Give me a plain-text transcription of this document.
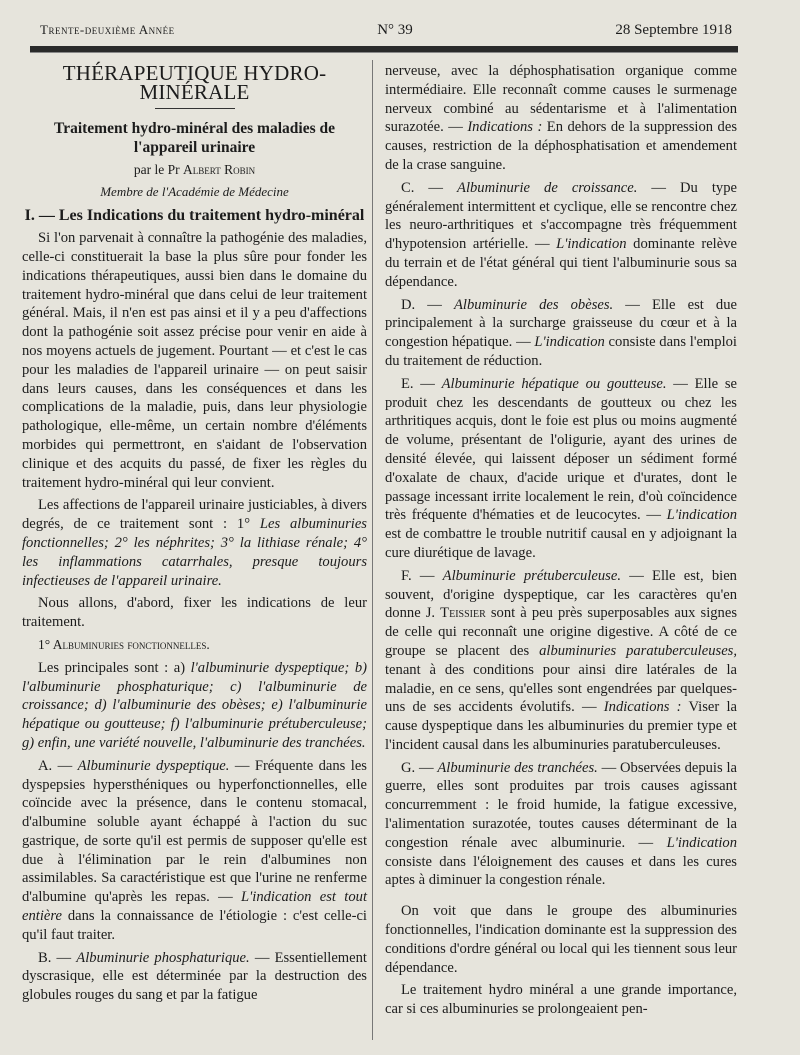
Trente-deuxième Année	N° 39	28 Septembre 1918
THÉRAPEUTIQUE HYDRO-MINÉRALE

Traitement hydro-minéral des maladies de l'appareil urinaire

par le Pr Albert Robin

Membre de l'Académie de Médecine

I. — Les Indications du traitement hydro-minéral

Si l'on parvenait à connaître la pathogénie des maladies, celle-ci constituerait la base la plus sûre pour fonder les indications thérapeutiques, aussi bien dans le domaine du traitement hydro-minéral que dans celui de leur traitement général. Mais, il n'en est pas ainsi et il y a peu d'affections dont la pathogénie soit assez précise pour venir en aide à nos moyens actuels de jugement. Pourtant — et c'est le cas pour les maladies de l'appareil urinaire — on peut saisir dans leurs causes, dans les conséquences et dans les complications de la maladie, puis, dans leur physiologie pathologique, elle-même, un certain nombre d'éléments morbides qui permettront, en s'aidant de l'observation clinique et des acquits du passé, de fixer les règles du traitement hydro-minéral qui leur convient.

Les affections de l'appareil urinaire justiciables, à divers degrés, de ce traitement sont : 1° Les albuminuries fonctionnelles; 2° les néphrites; 3° la lithiase rénale; 4° les inflammations catarrhales, presque toujours infectieuses de l'appareil urinaire.

Nous allons, d'abord, fixer les indications de leur traitement.

1° Albuminuries fonctionnelles.

Les principales sont : a) l'albuminurie dyspeptique; b) l'albuminurie phosphaturique; c) l'albuminurie de croissance; d) l'albuminurie des obèses; e) l'albuminurie hépatique ou goutteuse; f) l'albuminurie prétuberculeuse; g) enfin, une variété nouvelle, l'albuminurie des tranchées.

A. — Albuminurie dyspeptique. — Fréquente dans les dyspepsies hypersthéniques ou hyperfonctionnelles, elle coïncide avec la présence, dans le contenu stomacal, d'albumine soluble ayant échappé à l'action du suc gastrique, de sorte qu'il est permis de supposer qu'elle est due à l'élimination par le rein d'albumines non assimilables. Sa caractéristique est que l'urine ne renferme d'albumine qu'après les repas. — L'indication est tout entière dans la connaissance de l'étiologie : c'est celle-ci qu'il faut traiter.

B. — Albuminurie phosphaturique. — Essentiellement dyscrasique, elle est déterminée par la destruction des globules rouges du sang et par la fatigue

nerveuse, avec la déphosphatisation organique comme intermédiaire. Elle reconnaît comme causes le surmenage nerveux combiné au sédentarisme et à l'alimentation surazotée. — Indications : En dehors de la suppression des causes, restriction de la déphosphatisation et amendement de la crase sanguine.

C. — Albuminurie de croissance. — Du type généralement intermittent et cyclique, elle se rencontre chez les neuro-arthritiques et s'accompagne très fréquemment d'hypotension artérielle. — L'indication dominante relève du terrain et de l'état général qui tient l'albuminurie sous sa dépendance.

D. — Albuminurie des obèses. — Elle est due principalement à la surcharge graisseuse du cœur et à la congestion hépatique. — L'indication consiste dans l'emploi du traitement de réduction.

E. — Albuminurie hépatique ou goutteuse. — Elle se produit chez les descendants de goutteux ou chez les arthritiques acquis, dont le foie est plus ou moins augmenté de volume, présentant de l'oligurie, ayant des urines de densité élevée, qui laissent déposer un sédiment formé d'oxalate de chaux, d'acide urique et d'urates, dont le passage incessant irrite localement le rein, d'où coïncidence très fréquente d'hématies et de leucocytes. — L'indication est de combattre le trouble nutritif causal en y adjoignant la cure diurétique de lavage.

F. — Albuminurie prétuberculeuse. — Elle est, bien souvent, d'origine dyspeptique, car les caractères qu'en donne J. Teissier sont à peu près superposables aux signes de celle qui reconnaît une origine digestive. A côté de ce groupe se placent des albuminuries paratuberculeuses, tenant à des conditions pour ainsi dire latérales de la maladie, en ce sens, qu'elles sont engendrées par quelques-uns de ses accidents évolutifs. — Indications : Viser la cause dyspeptique dans les albuminuries du premier type et l'incident causal dans les albuminuries paratuberculeuses.

G. — Albuminurie des tranchées. — Observées depuis la guerre, elles sont produites par trois causes agissant concurremment : le froid humide, la fatigue excessive, l'alimentation surazotée, toutes causes déterminant de la congestion rénale avec albuminurie. — L'indication consiste dans l'éloignement des causes et dans les cures aptes à diminuer la congestion rénale.

On voit que dans le groupe des albuminuries fonctionnelles, l'indication dominante est la suppression des conditions d'ordre général ou local qui les tiennent sous leur dépendance.

Le traitement hydro minéral a une grande importance, car si ces albuminuries se prolongeaient pen-
